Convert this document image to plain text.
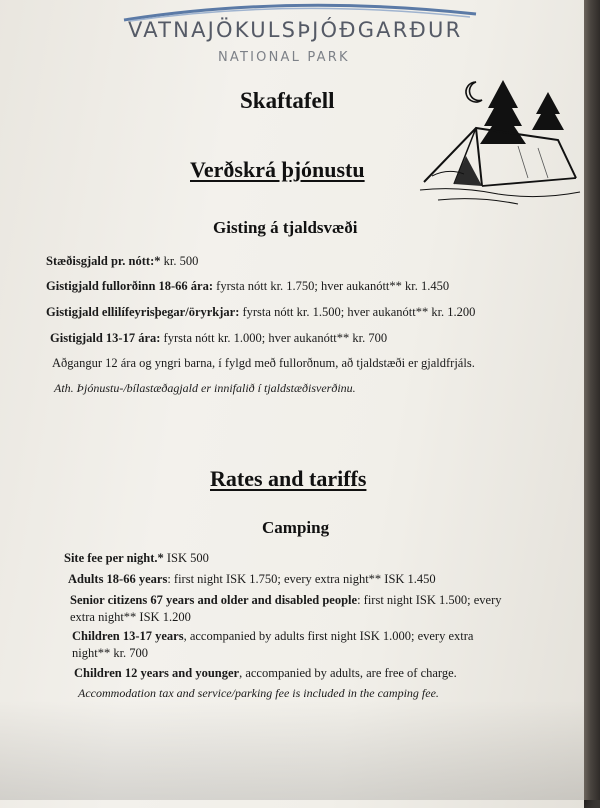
VATNAJÖKULSÞJÓÐGARÐUR
NATIONAL PARK
Skaftafell
Verðskrá þjónustu
Gisting á tjaldsvæði
Stæðisgjald pr. nótt:* kr. 500
Gistigjald fullorðinn 18-66 ára: fyrsta nótt kr. 1.750; hver aukanótt** kr. 1.450
Gistigjald ellilífeyrisþegar/öryrkjar: fyrsta nótt kr. 1.500; hver aukanótt** kr. 1.200
Gistigjald 13-17 ára: fyrsta nótt kr. 1.000; hver aukanótt** kr. 700
Aðgangur 12 ára og yngri barna, í fylgd með fullorðnum, að tjaldstæði er gjaldfrjáls.
Ath. Þjónustu-/bílastæðagjald er innifalið í tjaldstæðisverðinu.
Rates and tariffs
Camping
Site fee per night.* ISK 500
Adults 18-66 years: first night ISK 1.750; every extra night** ISK 1.450
Senior citizens 67 years and older and disabled people: first night ISK 1.500; every extra night** ISK 1.200
Children 13-17 years, accompanied by adults first night ISK 1.000; every extra night** kr. 700
Children 12 years and younger, accompanied by adults, are free of charge.
Accommodation tax and service/parking fee is included in the camping fee.
